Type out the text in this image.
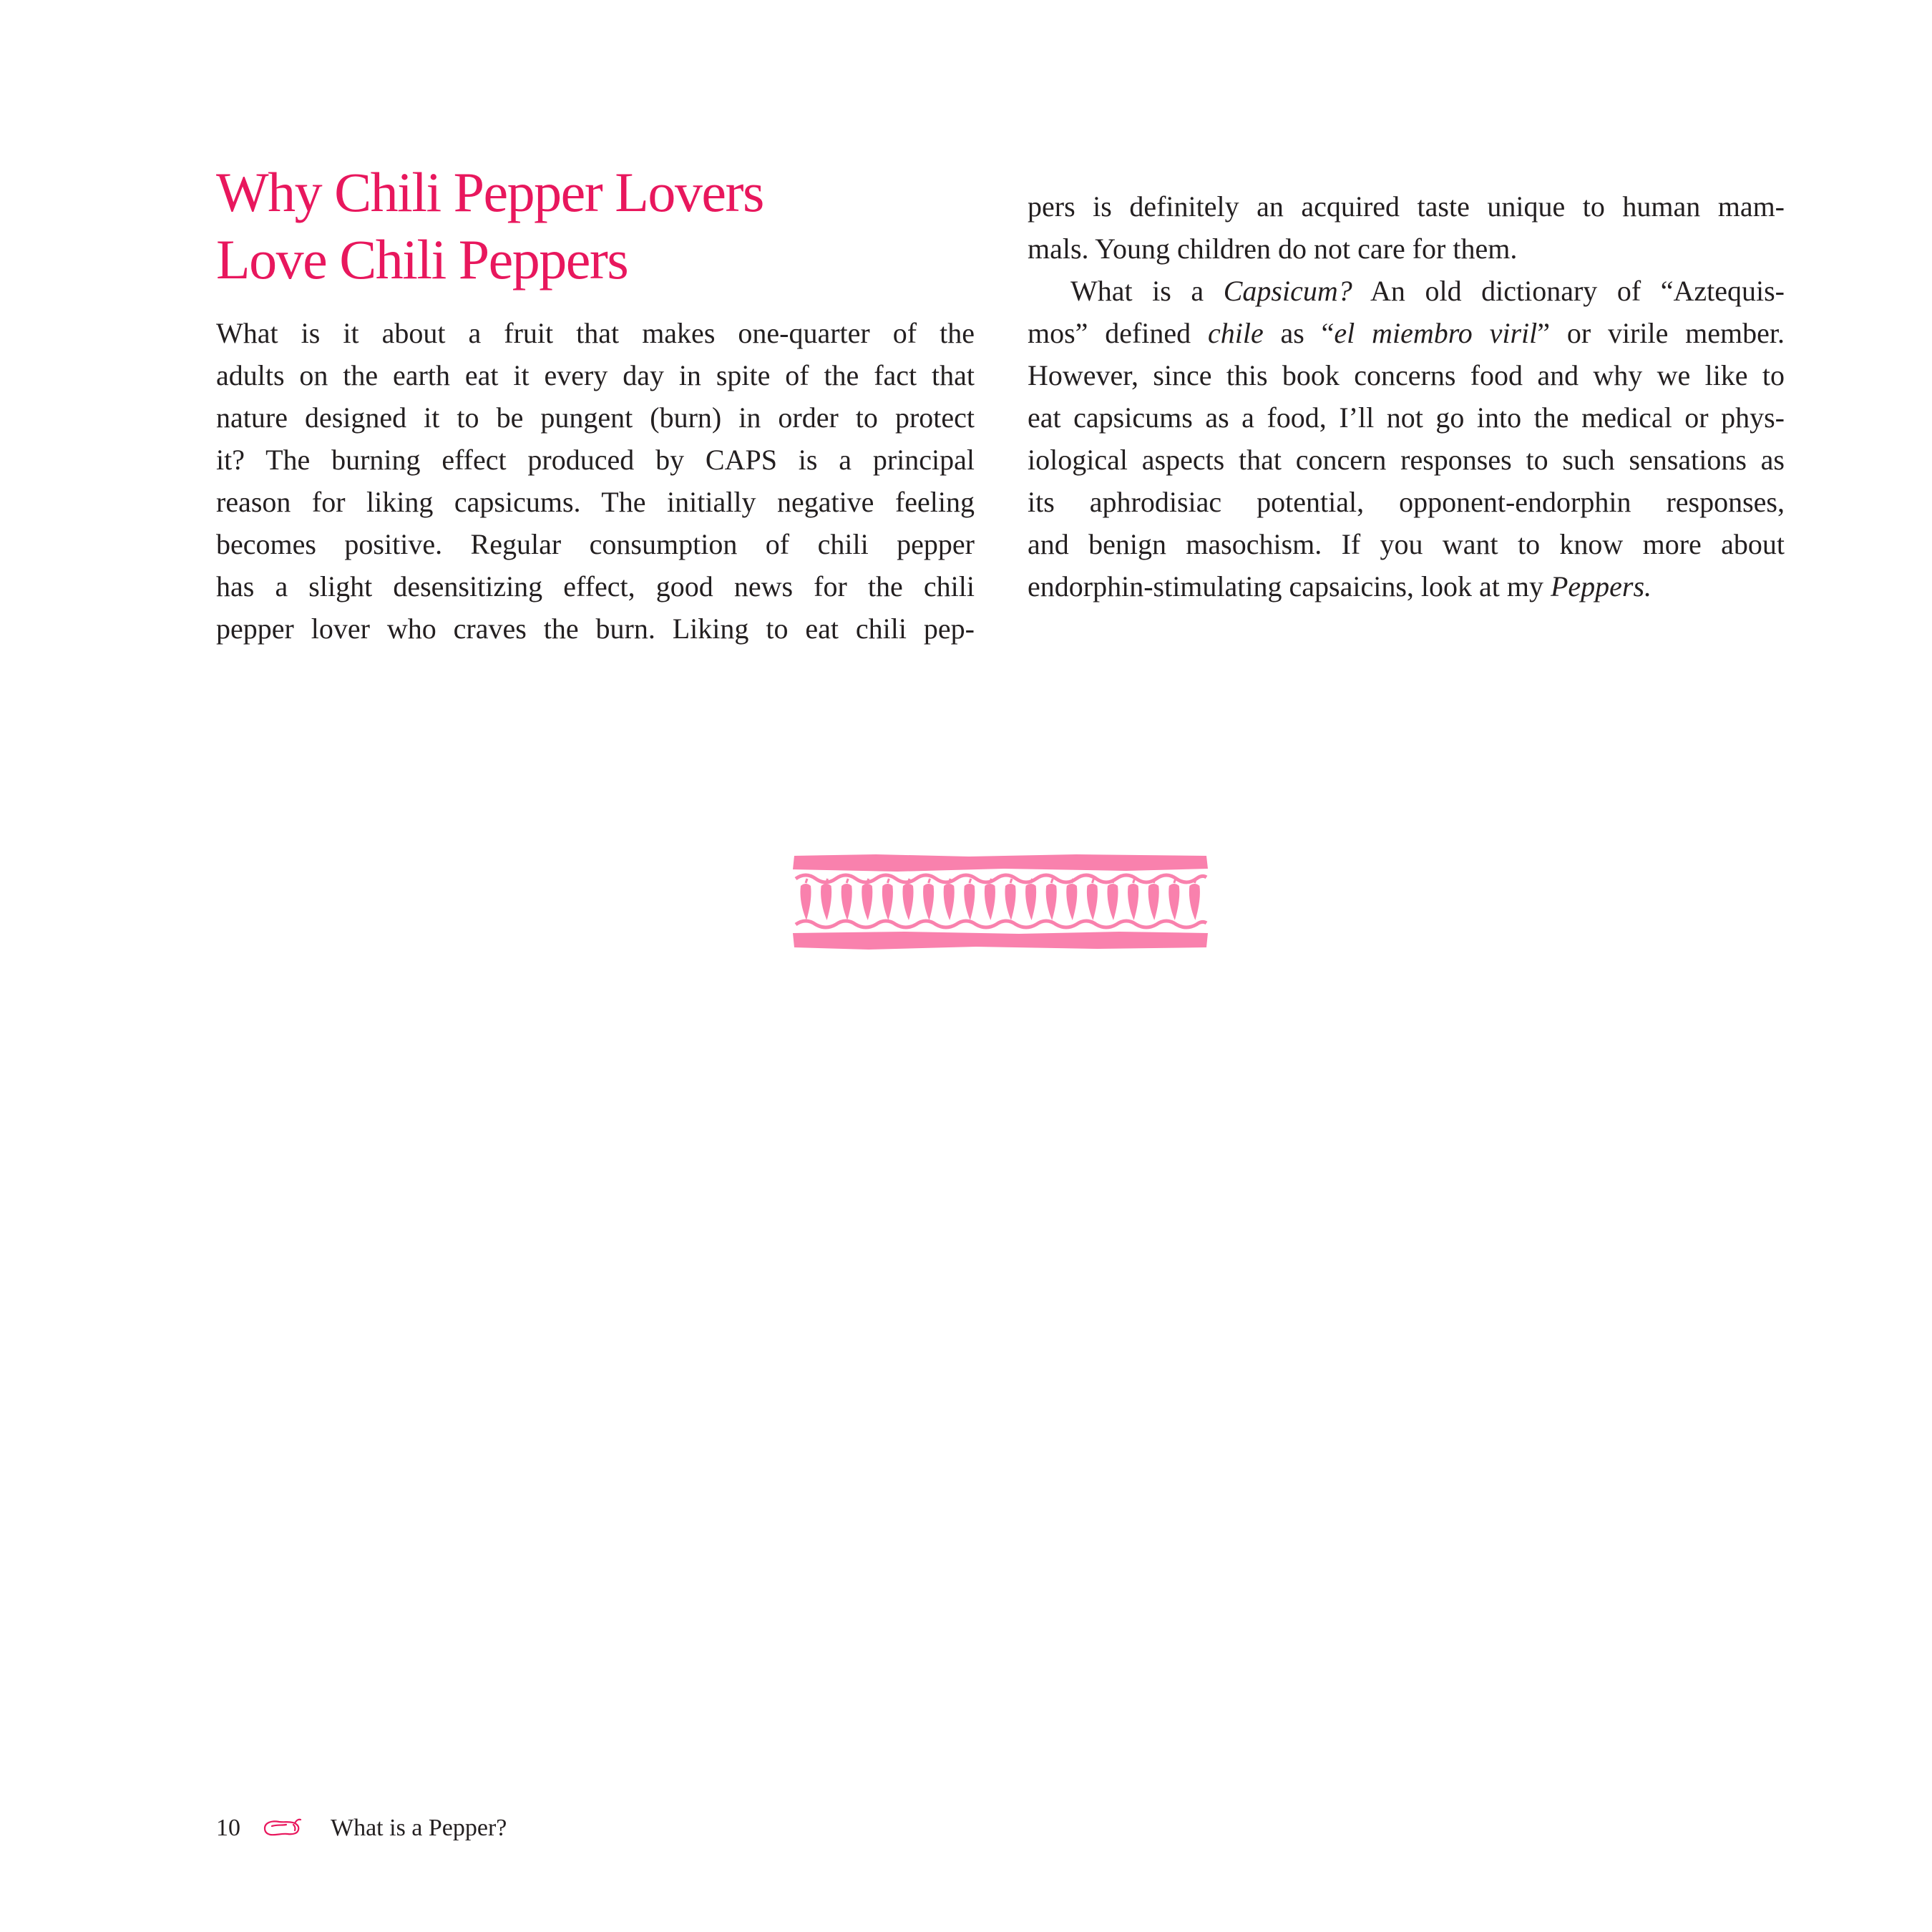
Why Chili Pepper Lovers
Love Chili Peppers

What is it about a fruit that makes one-quarter of the
adults on the earth eat it every day in spite of the fact that
nature designed it to be pungent (burn) in order to protect
it? The burning effect produced by CAPS is a principal
reason for liking capsicums. The initially negative feeling
becomes positive. Regular consumption of chili pepper
has a slight desensitizing effect, good news for the chili
pepper lover who craves the burn. Liking to eat chili pep-

pers is definitely an acquired taste unique to human mam-
mals. Young children do not care for them.

What is a Capsicum? An old dictionary of “Aztequis-
mos” defined chile as “el miembro viril” or virile member.
However, since this book concerns food and why we like to
eat capsicums as a food, I’ll not go into the medical or phys-
iological aspects that concern responses to such sensations as
its aphrodisiac potential, opponent-endorphin responses,
and benign masochism. If you want to know more about
endorphin-stimulating capsaicins, look at my Peppers.

10	What is a Pepper?
